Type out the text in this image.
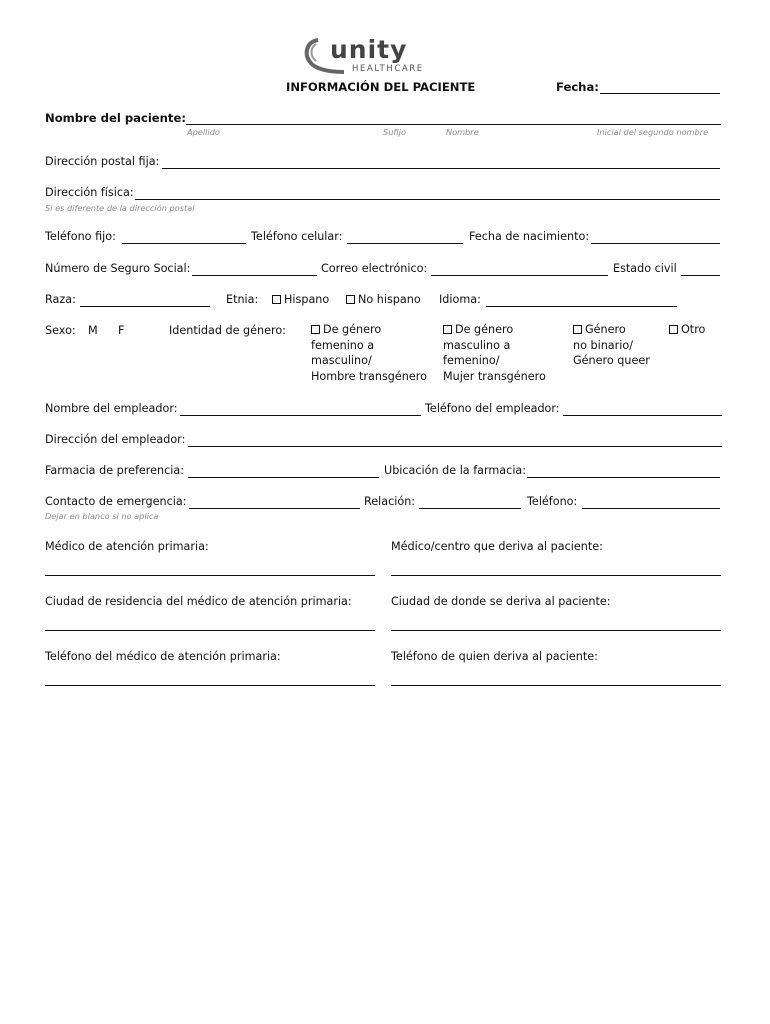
unity
HEALTHCARE
INFORMACIÓN DEL PACIENTE	Fecha:
Nombre del paciente:
Apellido	Sufijo	Nombre	Inicial del segundo nombre
Dirección postal fija:
Dirección física:
Si es diferente de la dirección postal
Teléfono fijo:	Teléfono celular:	Fecha de nacimiento:
Número de Seguro Social:	Correo electrónico:	Estado civil
Raza:	Etnia:	Hispano	No hispano Idioma:
Sexo: M F	Identidad de género:	De género
femenino a
masculino/
Hombre transgénero
De género
masculino a
femenino/
Mujer transgénero
Género
no binario/
Género queer
Otro
Nombre del empleador:	Teléfono del empleador:
Dirección del empleador:
Farmacia de preferencia:	Ubicación de la farmacia:
Contacto de emergencia:	Relación:	Teléfono:
Dejar en blanco si no aplica
Médico de atención primaria:	Médico/centro que deriva al paciente:
Ciudad de residencia del médico de atención primaria:	Ciudad de donde se deriva al paciente:
Teléfono del médico de atención primaria:	Teléfono de quien deriva al paciente:
